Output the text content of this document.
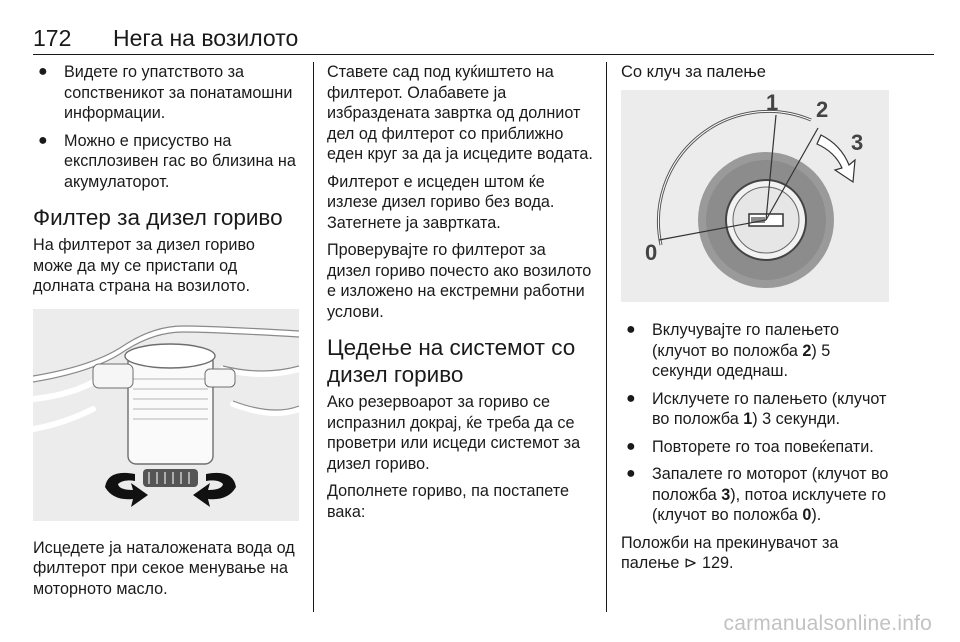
172 Нега на возилото
● Видете го упатството за сопственикот за понатамошни информации.
● Можно е присуство на експлозивен гас во близина на акумулаторот.
Филтер за дизел гориво

На филтерот за дизел гориво може да му се пристапи од долната страна на возилото.

Исцедете ја наталожената вода од филтерот при секое менување на моторното масло.

Ставете сад под куќиштето на филтерот. Олабавете ја избраздената завртка од долниот дел од филтерот со приближно еден круг за да ја исцедите водата.

Филтерот е исцеден штом ќе излезе дизел гориво без вода. Затегнете ја завртката.

Проверувајте го филтерот за дизел гориво почесто ако возилото е изложено на екстремни работни услови.

Цедење на системот со дизел гориво

Ако резервоарот за гориво се испразнил докрај, ќе треба да се проветри или исцеди системот за дизел гориво.

Дополнете гориво, па постапете вака:

Со клуч за палење
1 2
3
0
● Вклучувајте го палењето (клучот во положба 2) 5 секунди одеднаш.
● Исклучете го палењето (клучот во положба 1) 3 секунди.
● Повторете го тоа повеќепати.
● Запалете го моторот (клучот во положба 3), потоа исклучете го (клучот во положба 0).

Положби на прекинувачот за палење ⊳ 129.

carmanualsonline.info
